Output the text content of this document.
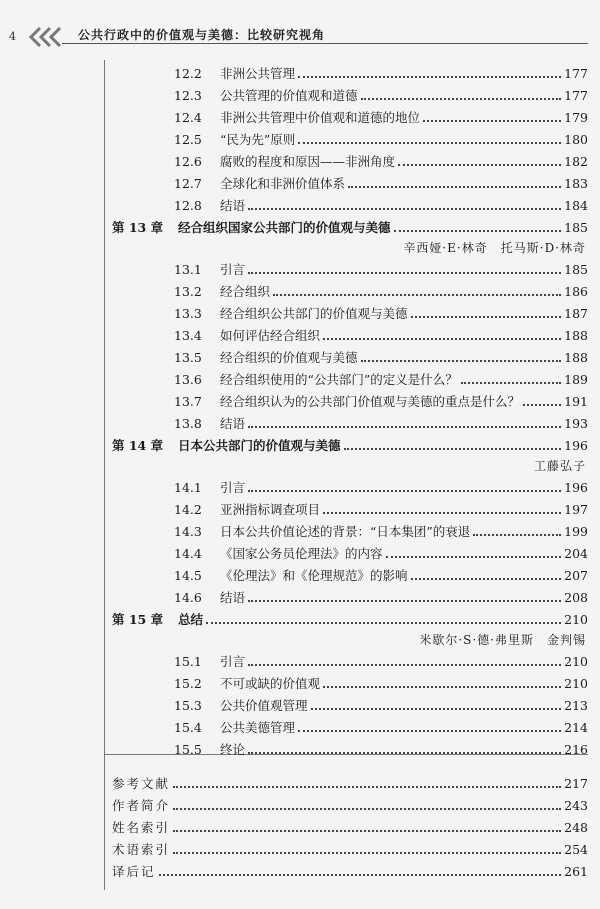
4	公共行政中的价值观与美德：比较研究视角
12.2	非洲公共管理	177
12.3	公共管理的价值观和道德	177
12.4	非洲公共管理中价值观和道德的地位	179
12.5	“民为先”原则	180
12.6	腐败的程度和原因——非洲角度	182
12.7	全球化和非洲价值体系	183
12.8	结语	184
第 13 章	经合组织国家公共部门的价值观与美德	185
辛西娅·E·林奇　托马斯·D·林奇
13.1	引言	185
13.2	经合组织	186
13.3	经合组织公共部门的价值观与美德	187
13.4	如何评估经合组织	188
13.5	经合组织的价值观与美德	188
13.6	经合组织使用的“公共部门”的定义是什么？	189
13.7	经合组织认为的公共部门价值观与美德的重点是什么？	191
13.8	结语	193
第 14 章	日本公共部门的价值观与美德	196
工藤弘子
14.1	引言	196
14.2	亚洲指标调查项目	197
14.3	日本公共价值论述的背景：“日本集团”的衰退	199
14.4	《国家公务员伦理法》的内容	204
14.5	《伦理法》和《伦理规范》的影响	207
14.6	结语	208
第 15 章	总结	210
米歇尔·S·德·弗里斯　金判锡
15.1	引言	210
15.2	不可或缺的价值观	210
15.3	公共价值观管理	213
15.4	公共美德管理	214
15.5	终论	216
参考文献	217
作者简介	243
姓名索引	248
术语索引	254
译后记	261
